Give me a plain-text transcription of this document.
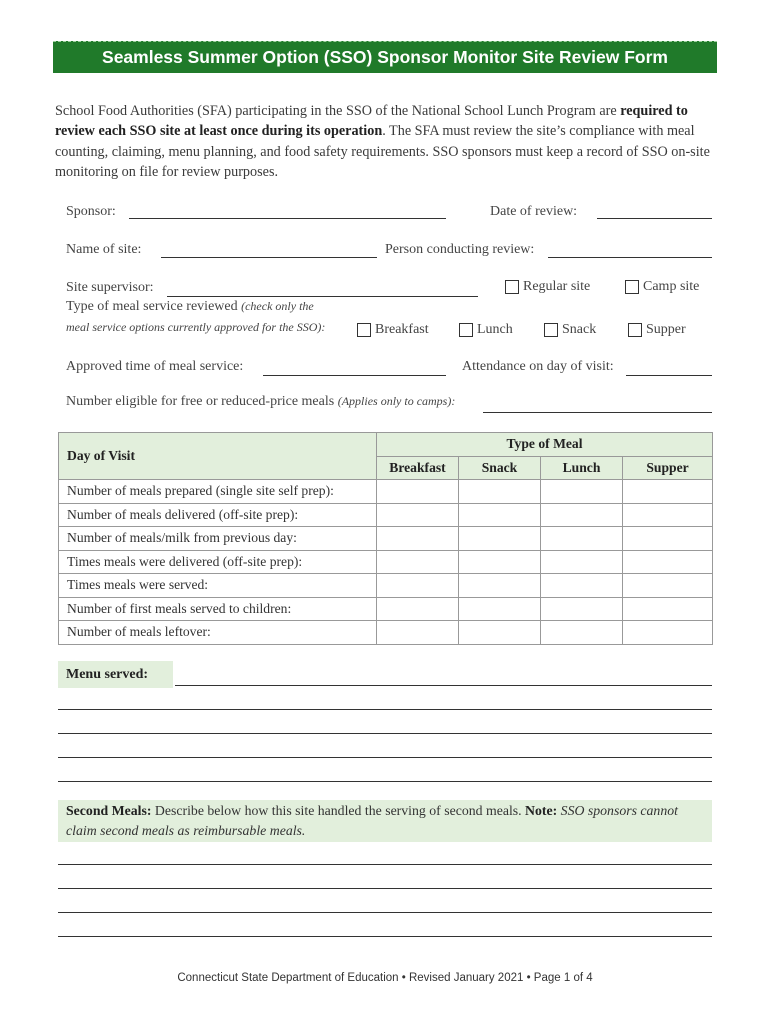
Seamless Summer Option (SSO) Sponsor Monitor Site Review Form
School Food Authorities (SFA) participating in the SSO of the National School Lunch Program are required to review each SSO site at least once during its operation. The SFA must review the site’s compliance with meal counting, claiming, menu planning, and food safety requirements. SSO sponsors must keep a record of SSO on-site monitoring on file for review purposes.
Sponsor:	Date of review:
Name of site:	Person conducting review:
Site supervisor:	Regular site	Camp site
Type of meal service reviewed (check only the
meal service options currently approved for the SSO):	Breakfast	Lunch	Snack	Supper
Approved time of meal service:	Attendance on day of visit:
Number eligible for free or reduced-price meals (Applies only to camps):
Day of Visit	Type of Meal			
	Breakfast	Snack	Lunch	Supper
Number of meals prepared (single site self prep):				
Number of meals delivered (off-site prep):				
Number of meals/milk from previous day:				
Times meals were delivered (off-site prep):				
Times meals were served:				
Number of first meals served to children:				
Number of meals leftover:				
Menu served:
Second Meals: Describe below how this site handled the serving of second meals. Note: SSO sponsors cannot claim second meals as reimbursable meals.
Connecticut State Department of Education • Revised January 2021 • Page 1 of 4
